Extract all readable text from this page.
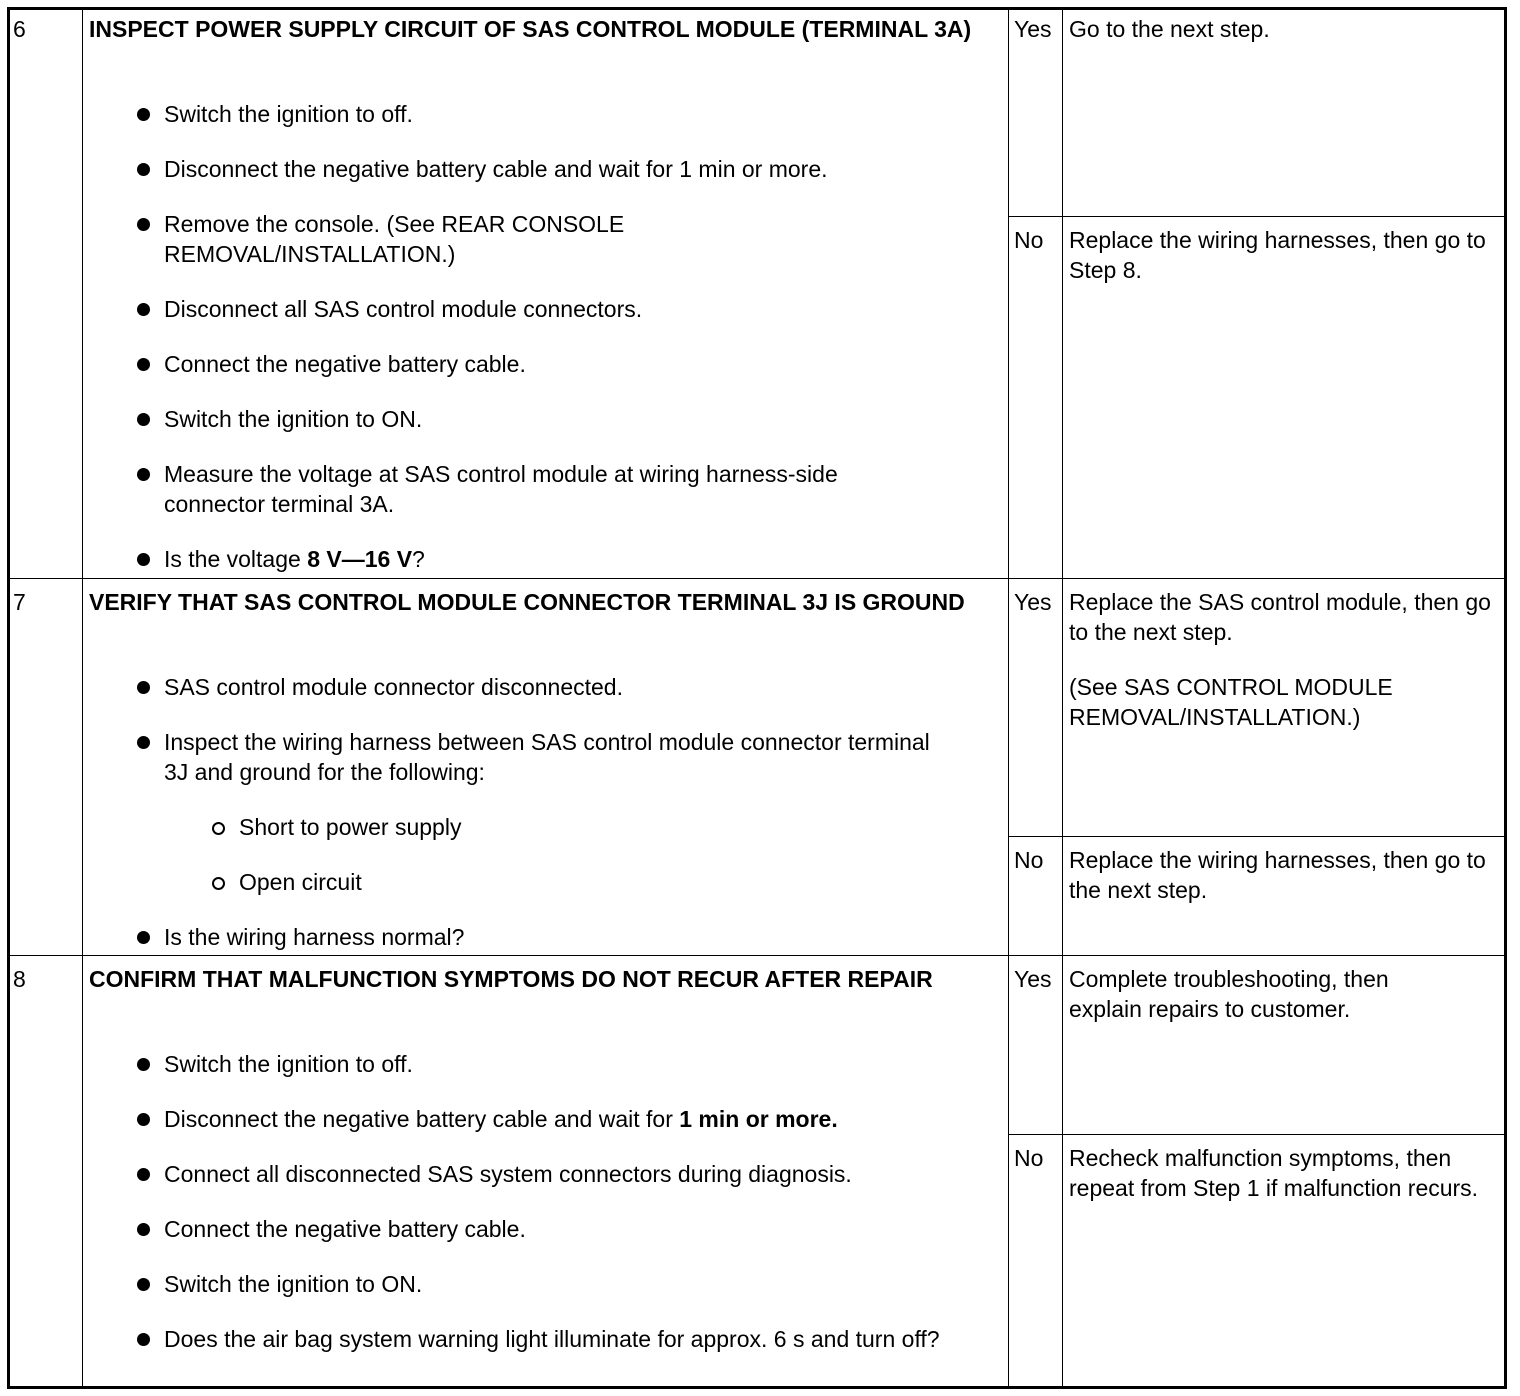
6	INSPECT POWER SUPPLY CIRCUIT OF SAS CONTROL MODULE (TERMINAL 3A)
Switch the ignition to off.
Disconnect the negative battery cable and wait for 1 min or more.
Remove the console. (See REAR CONSOLE REMOVAL/INSTALLATION.)
Disconnect all SAS control module connectors.
Connect the negative battery cable.
Switch the ignition to ON.
Measure the voltage at SAS control module at wiring harness-side connector terminal 3A.
Is the voltage 8 V—16 V?
Yes Go to the next step.

No	Replace the wiring harnesses, then go to Step 8.

7	VERIFY THAT SAS CONTROL MODULE CONNECTOR TERMINAL 3J IS GROUND
SAS control module connector disconnected.
Inspect the wiring harness between SAS control module connector terminal 3J and ground for the following:
Short to power supply
Open circuit
Is the wiring harness normal?
Yes Replace the SAS control module, then go to the next step.

(See SAS CONTROL MODULE REMOVAL/INSTALLATION.)

No	Replace the wiring harnesses, then go to the next step.

8	CONFIRM THAT MALFUNCTION SYMPTOMS DO NOT RECUR AFTER REPAIR
Switch the ignition to off.
Disconnect the negative battery cable and wait for 1 min or more.
Connect all disconnected SAS system connectors during diagnosis.
Connect the negative battery cable.
Switch the ignition to ON.
Does the air bag system warning light illuminate for approx. 6 s and turn off?
Yes Complete troubleshooting, then explain repairs to customer.

No	Recheck malfunction symptoms, then repeat from Step 1 if malfunction recurs.
